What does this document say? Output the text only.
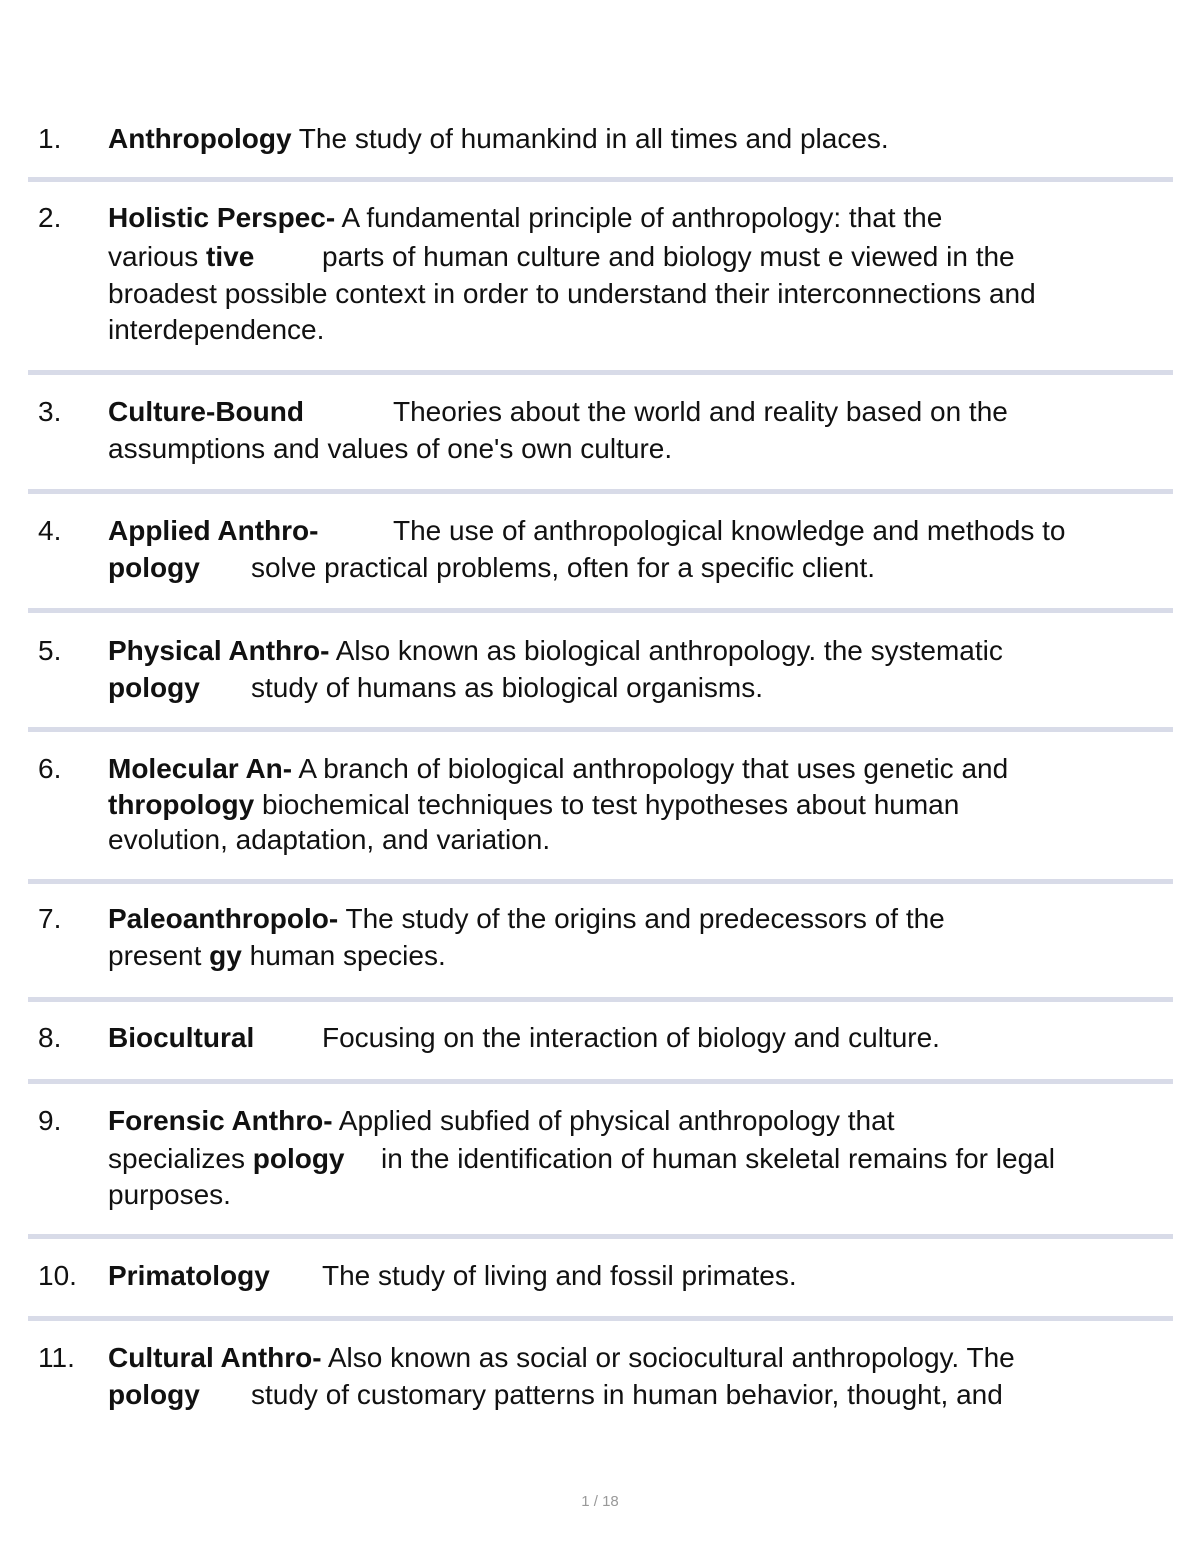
1. Anthropology The study of humankind in all times and places.
2. Holistic Perspec- A fundamental principle of anthropology: that the
various tive parts of human culture and biology must e viewed in the
broadest possible context in order to understand their interconnections and
interdependence.
3. Culture-Bound	Theories about the world and reality based on the
assumptions and values of one's own culture.
4. Applied Anthro-	The use of anthropological knowledge and methods to
pology solve practical problems, often for a specific client.
5. Physical Anthro- Also known as biological anthropology. the systematic
pology study of humans as biological organisms.
6. Molecular An- A branch of biological anthropology that uses genetic and
thropology biochemical techniques to test hypotheses about human
evolution, adaptation, and variation.
7. Paleoanthropolo- The study of the origins and predecessors of the
present gy human species.
8. Biocultural Focusing on the interaction of biology and culture.
9. Forensic Anthro- Applied subfied of physical anthropology that
specializes pology in the identification of human skeletal remains for legal
purposes.
10. Primatology The study of living and fossil primates.
11. Cultural Anthro- Also known as social or sociocultural anthropology. The
pology study of customary patterns in human behavior, thought, and
1 / 18
